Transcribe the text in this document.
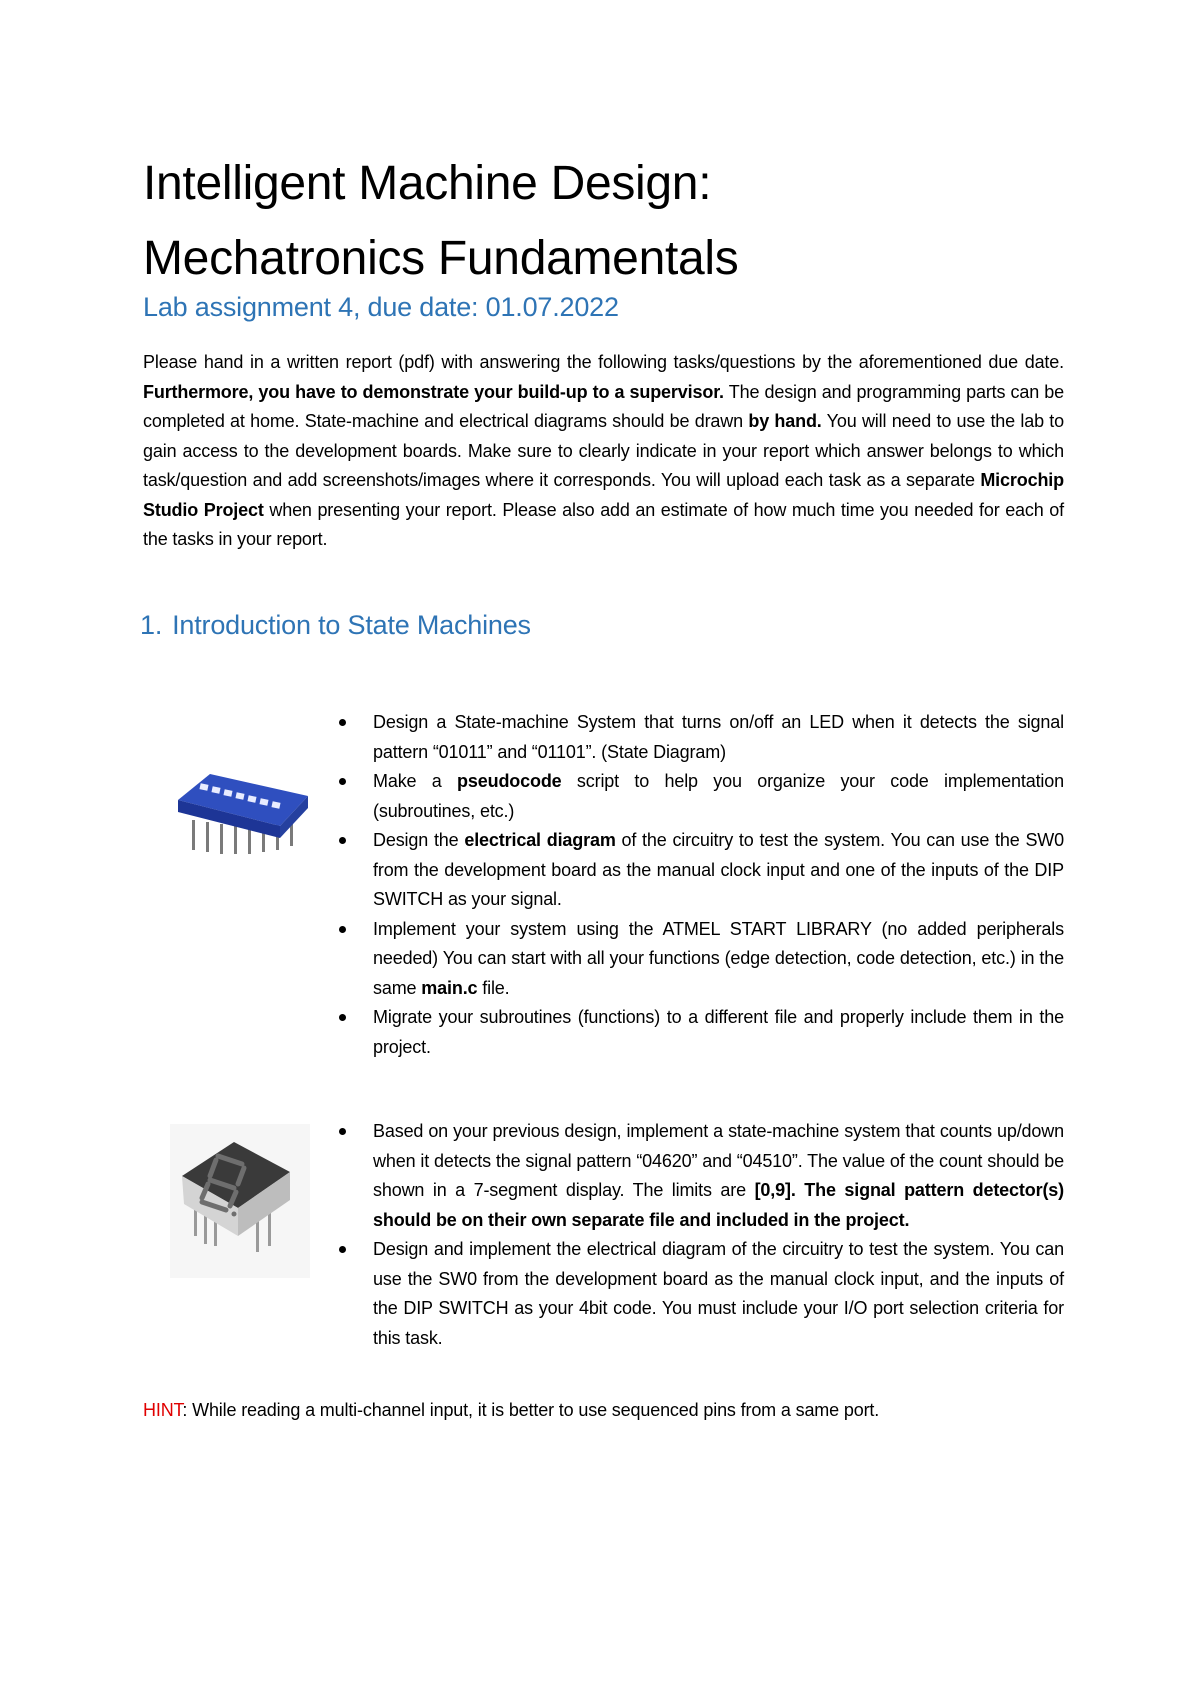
Intelligent Machine Design:
Mechatronics Fundamentals
Lab assignment 4, due date: 01.07.2022
Please hand in a written report (pdf) with answering the following tasks/questions by the aforementioned due date. Furthermore, you have to demonstrate your build-up to a supervisor. The design and programming parts can be completed at home. State-machine and electrical diagrams should be drawn by hand. You will need to use the lab to gain access to the development boards. Make sure to clearly indicate in your report which answer belongs to which task/question and add screenshots/images where it corresponds. You will upload each task as a separate Microchip Studio Project when presenting your report. Please also add an estimate of how much time you needed for each of the tasks in your report.
1. Introduction to State Machines
Design a State-machine System that turns on/off an LED when it detects the signal pattern “01011” and “01101”. (State Diagram)
Make a pseudocode script to help you organize your code implementation (subroutines, etc.)
Design the electrical diagram of the circuitry to test the system. You can use the SW0 from the development board as the manual clock input and one of the inputs of the DIP SWITCH as your signal.
Implement your system using the ATMEL START LIBRARY (no added peripherals needed) You can start with all your functions (edge detection, code detection, etc.) in the same main.c file.
Migrate your subroutines (functions) to a different file and properly include them in the project.
Based on your previous design, implement a state-machine system that counts up/down when it detects the signal pattern “04620” and “04510”. The value of the count should be shown in a 7-segment display. The limits are [0,9]. The signal pattern detector(s) should be on their own separate file and included in the project.
Design and implement the electrical diagram of the circuitry to test the system. You can use the SW0 from the development board as the manual clock input, and the inputs of the DIP SWITCH as your 4bit code. You must include your I/O port selection criteria for this task.
HINT: While reading a multi-channel input, it is better to use sequenced pins from a same port.
